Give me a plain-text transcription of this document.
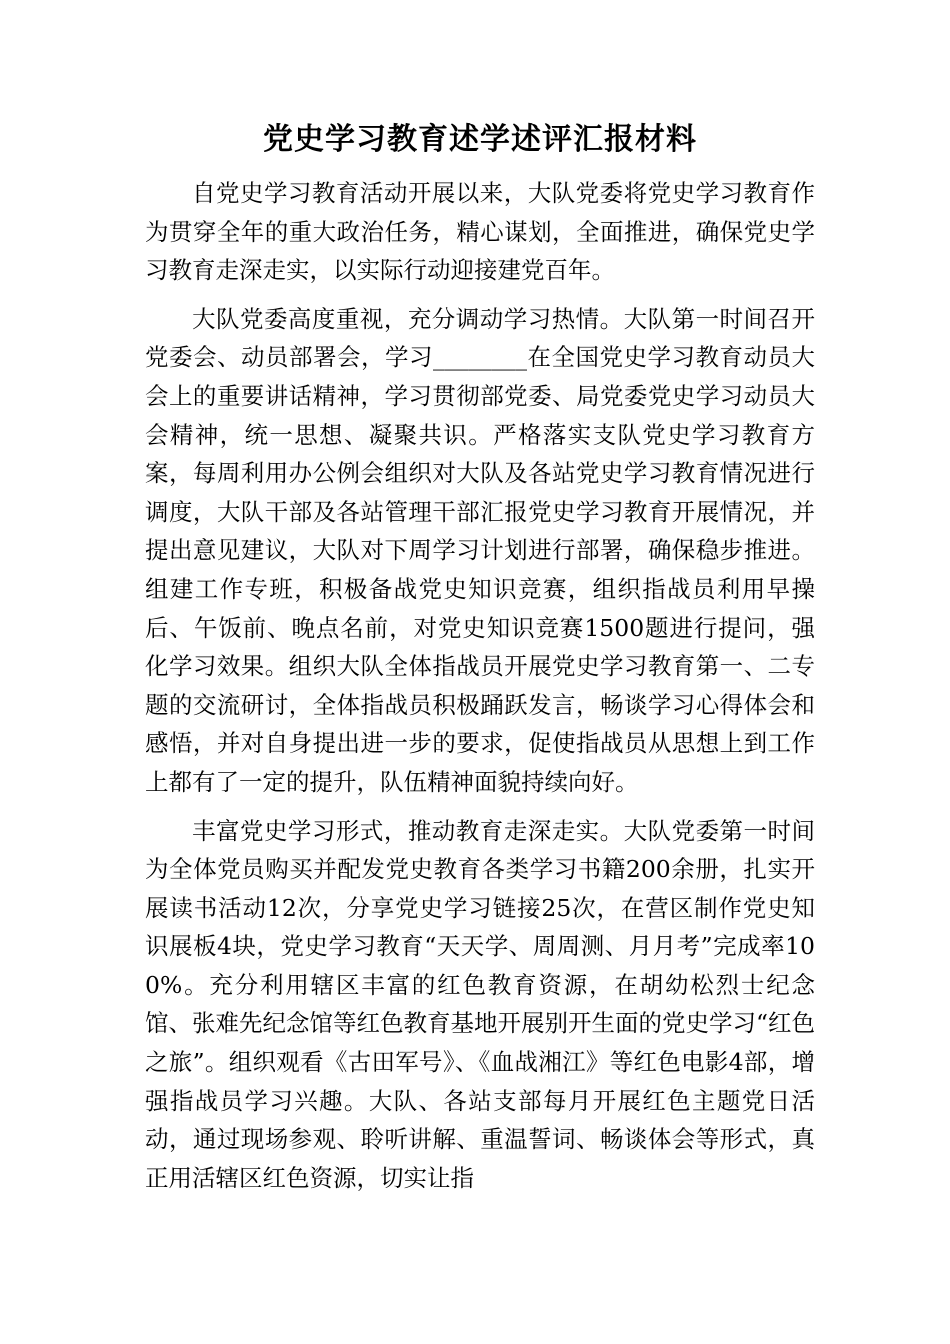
党史学习教育述学述评汇报材料

自党史学习教育活动开展以来，大队党委将党史学习教育作为贯穿全年的重大政治任务，精心谋划，全面推进，确保党史学习教育走深走实，以实际行动迎接建党百年。

大队党委高度重视，充分调动学习热情。大队第一时间召开党委会、动员部署会，学习________在全国党史学习教育动员大会上的重要讲话精神，学习贯彻部党委、局党委党史学习动员大会精神，统一思想、凝聚共识。严格落实支队党史学习教育方案，每周利用办公例会组织对大队及各站党史学习教育情况进行调度，大队干部及各站管理干部汇报党史学习教育开展情况，并提出意见建议，大队对下周学习计划进行部署，确保稳步推进。组建工作专班，积极备战党史知识竞赛，组织指战员利用早操后、午饭前、晚点名前，对党史知识竞赛1500题进行提问，强化学习效果。组织大队全体指战员开展党史学习教育第一、二专题的交流研讨，全体指战员积极踊跃发言，畅谈学习心得体会和感悟，并对自身提出进一步的要求，促使指战员从思想上到工作上都有了一定的提升，队伍精神面貌持续向好。

丰富党史学习形式，推动教育走深走实。大队党委第一时间为全体党员购买并配发党史教育各类学习书籍200余册，扎实开展读书活动12次，分享党史学习链接25次，在营区制作党史知识展板4块，党史学习教育“天天学、周周测、月月考”完成率100%。充分利用辖区丰富的红色教育资源，在胡幼松烈士纪念馆、张难先纪念馆等红色教育基地开展别开生面的党史学习“红色之旅”。组织观看《古田军号》、《血战湘江》等红色电影4部，增强指战员学习兴趣。大队、各站支部每月开展红色主题党日活动，通过现场参观、聆听讲解、重温誓词、畅谈体会等形式，真正用活辖区红色资源，切实让指
